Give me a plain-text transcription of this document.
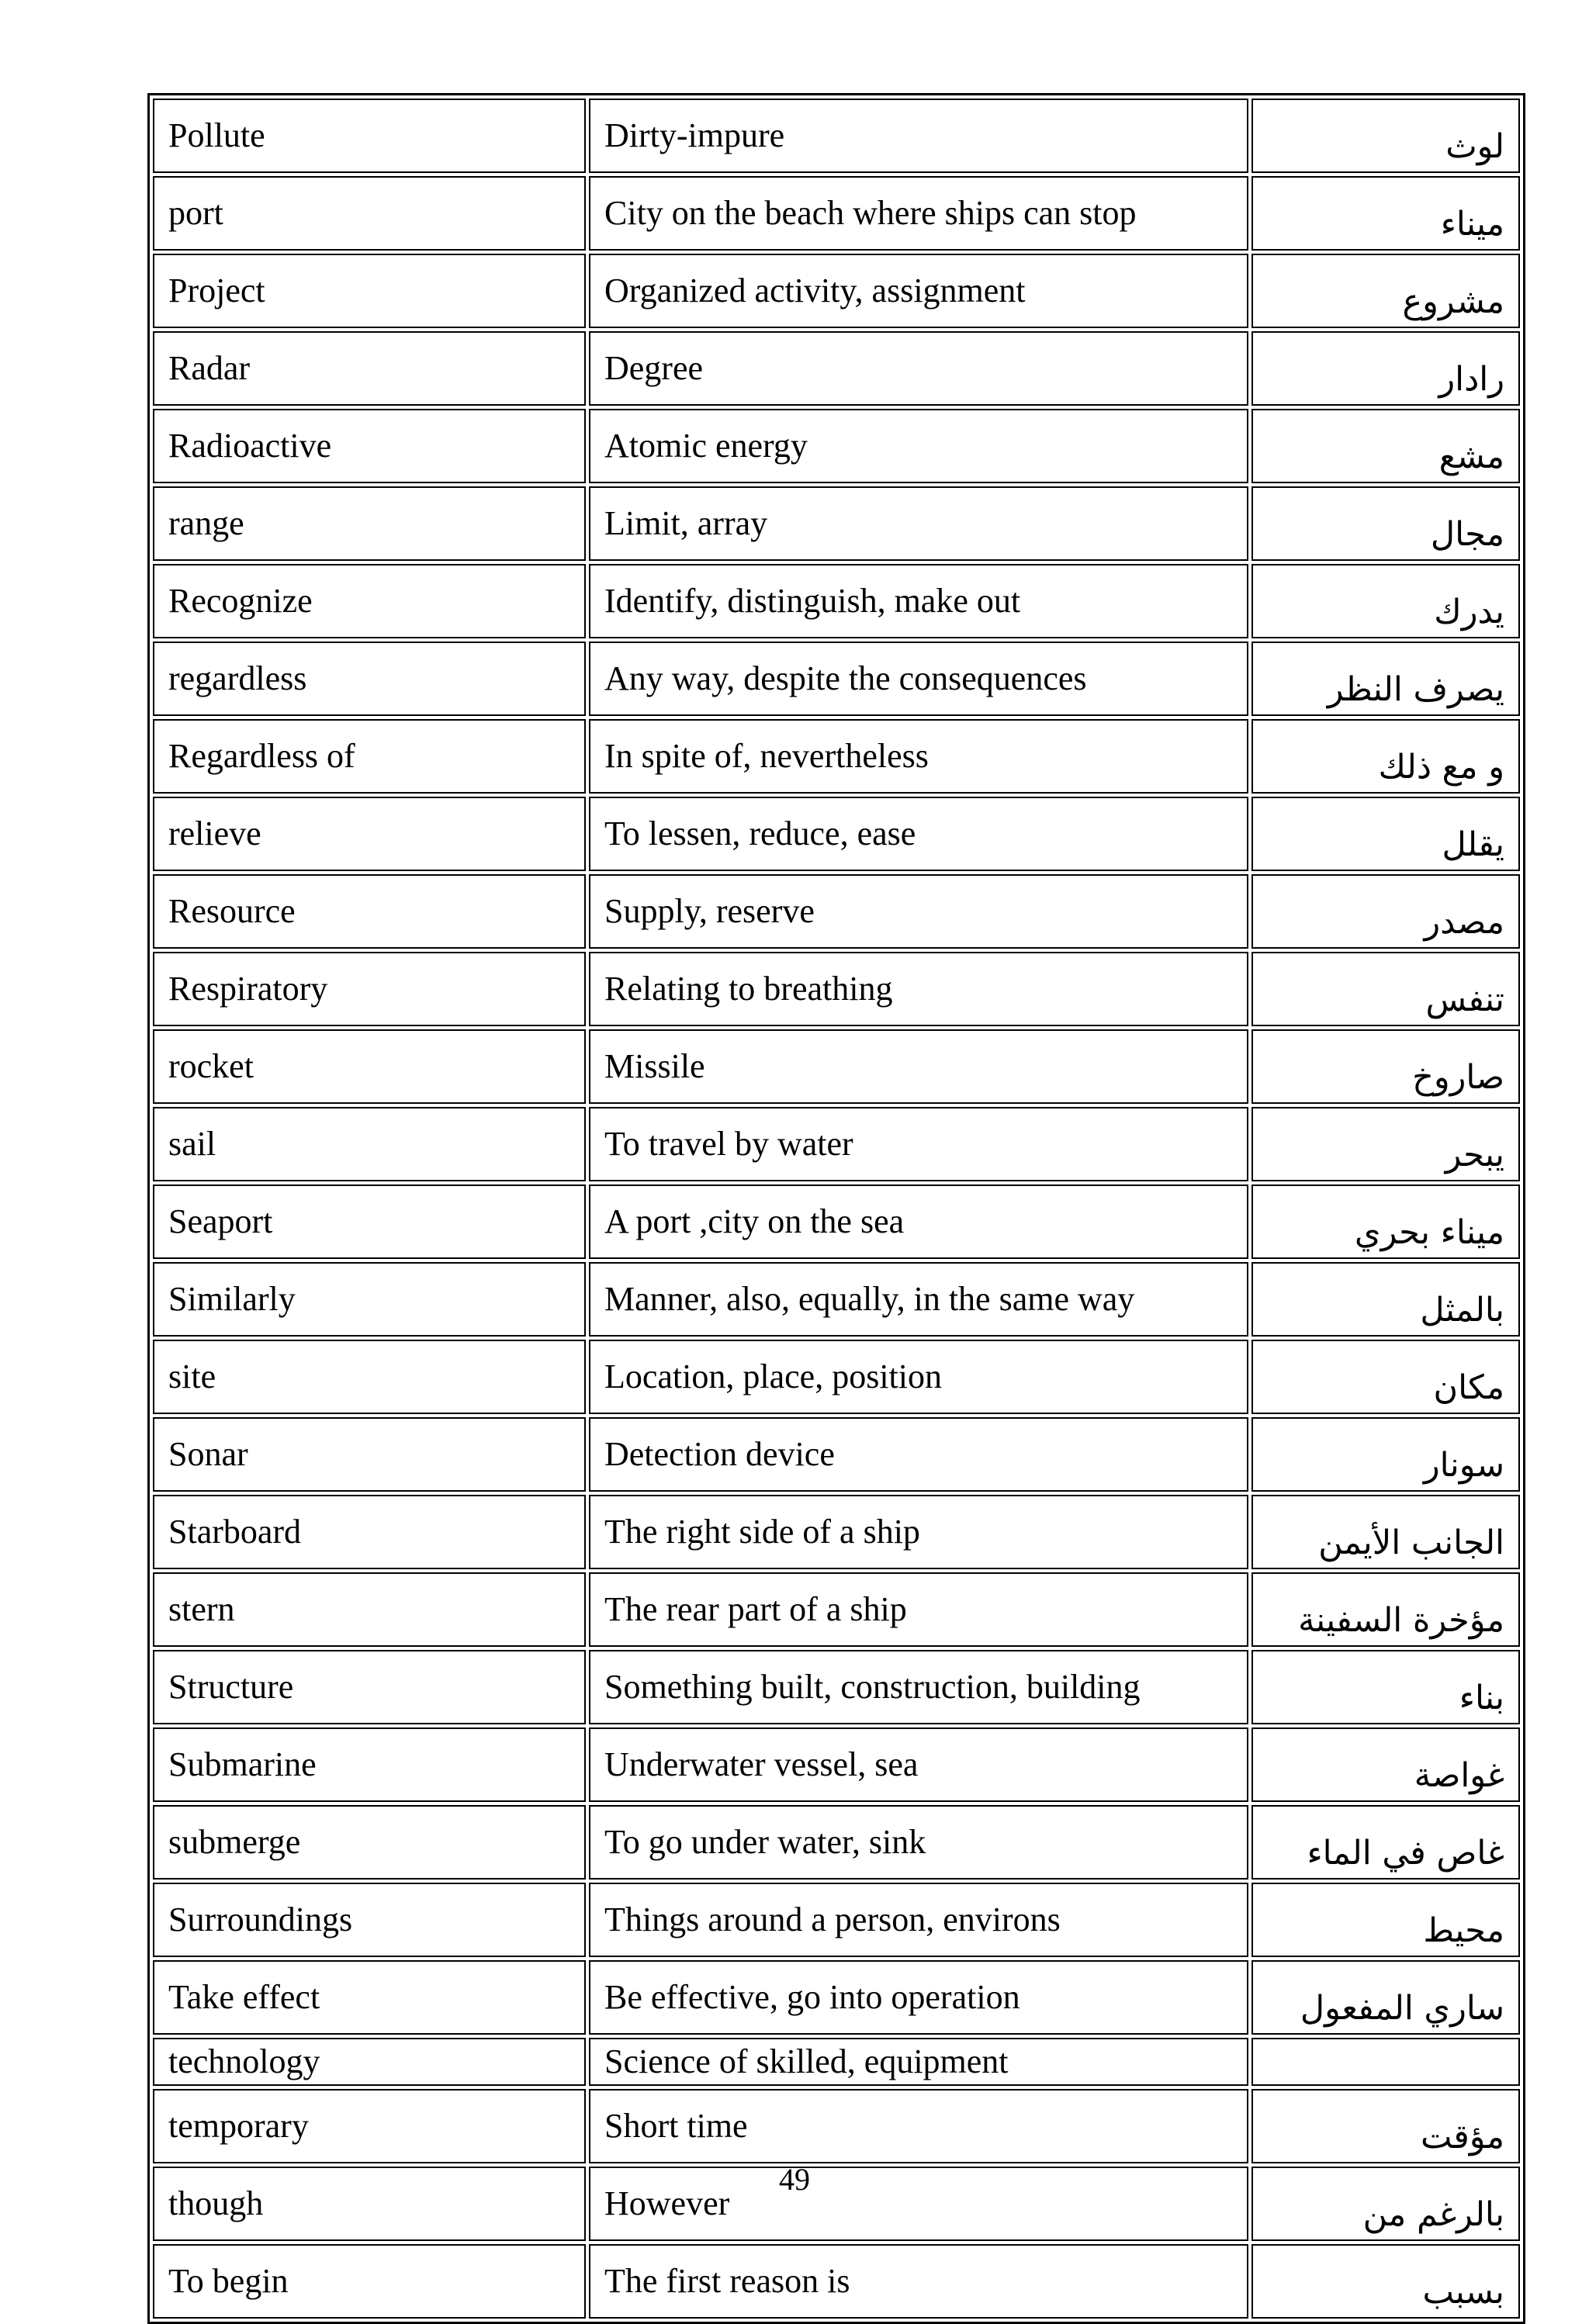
Pollute	Dirty-impure	لوث
port	City on the beach where ships can stop	ميناء
Project	Organized activity, assignment	مشروع
Radar	Degree	رادار
Radioactive	Atomic energy	مشع
range	Limit, array	مجال
Recognize	Identify, distinguish, make out	يدرك
regardless	Any way, despite the consequences	يصرف النظر
Regardless of	In spite of, nevertheless	و مع ذلك
relieve	To lessen, reduce, ease	يقلل
Resource	Supply, reserve	مصدر
Respiratory	Relating to breathing	تنفس
rocket	Missile	صاروخ
sail	To travel by water	يبحر
Seaport	A port ,city on the sea	ميناء بحري
Similarly	Manner, also, equally, in the same way	بالمثل
site	Location, place, position	مكان
Sonar	Detection device	سونار
Starboard	The right side of a ship	الجانب الأيمن
stern	The rear part of a ship	مؤخرة السفينة
Structure	Something built, construction, building	بناء
Submarine	Underwater vessel, sea	غواصة
submerge	To go under water, sink	غاص في الماء
Surroundings	Things around a person, environs	محيط
Take effect	Be effective, go into operation	ساري المفعول
technology	Science of skilled, equipment	
temporary	Short time	مؤقت
though	However	بالرغم من
To begin	The first reason is	بسبب
49
